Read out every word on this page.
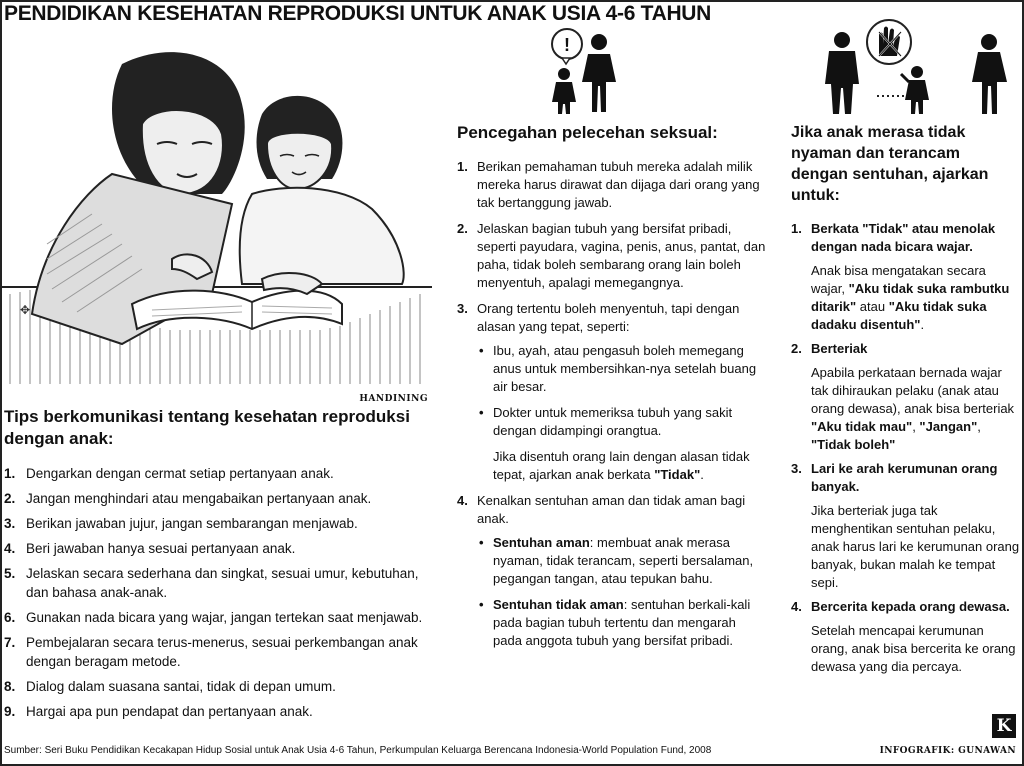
PENDIDIKAN KESEHATAN REPRODUKSI UNTUK ANAK USIA 4-6 TAHUN
✥
HANDINING
!
Tips berkomunikasi tentang kesehatan reproduksi dengan anak:
1. Dengarkan dengan cermat setiap pertanyaan anak.
2. Jangan menghindari atau mengabaikan pertanyaan anak.
3. Berikan jawaban jujur, jangan sembarangan menjawab.
4. Beri jawaban hanya sesuai pertanyaan anak.
5. Jelaskan secara sederhana dan singkat, sesuai umur, kebutuhan, dan bahasa anak-anak.
6. Gunakan nada bicara yang wajar, jangan tertekan saat menjawab.
7. Pembejalaran secara terus-menerus, sesuai perkembangan anak dengan beragam metode.
8. Dialog dalam suasana santai, tidak di depan umum.
9. Hargai apa pun pendapat dan pertanyaan anak.
Pencegahan pelecehan seksual:
1. Berikan pemahaman tubuh mereka adalah milik mereka harus dirawat dan dijaga dari orang yang tak bertanggung jawab.
2. Jelaskan bagian tubuh yang bersifat pribadi, seperti payudara, vagina, penis, anus, pantat, dan paha, tidak boleh sembarang orang lain boleh menyentuh, apalagi memegangnya.
3. Orang tertentu boleh menyentuh, tapi dengan alasan yang tepat, seperti:
• Ibu, ayah, atau pengasuh boleh memegang anus untuk membersihkan-nya setelah buang air besar.
• Dokter untuk memeriksa tubuh yang sakit dengan didampingi orangtua.
Jika disentuh orang lain dengan alasan tidak tepat, ajarkan anak berkata "Tidak".
4. Kenalkan sentuhan aman dan tidak aman bagi anak.
• Sentuhan aman: membuat anak merasa nyaman, tidak terancam, seperti bersalaman, pegangan tangan, atau tepukan bahu.
• Sentuhan tidak aman: sentuhan berkali-kali pada bagian tubuh tertentu dan mengarah pada anggota tubuh yang bersifat pribadi.
Jika anak merasa tidak nyaman dan terancam dengan sentuhan, ajarkan untuk:
1. Berkata "Tidak" atau menolak dengan nada bicara wajar.
Anak bisa mengatakan secara wajar, "Aku tidak suka rambutku ditarik" atau "Aku tidak suka dadaku disentuh".
2. Berteriak
Apabila perkataan bernada wajar tak dihiraukan pelaku (anak atau orang dewasa), anak bisa berteriak "Aku tidak mau", "Jangan", "Tidak boleh"
3. Lari ke arah kerumunan orang banyak.
Jika berteriak juga tak menghentikan sentuhan pelaku, anak harus lari ke kerumunan orang banyak, bukan malah ke tempat sepi.
4. Bercerita kepada orang dewasa.
Setelah mencapai kerumunan orang, anak bisa bercerita ke orang dewasa yang dia percaya.
K
Sumber: Seri Buku Pendidikan Kecakapan Hidup Sosial untuk Anak Usia 4-6 Tahun, Perkumpulan Keluarga Berencana Indonesia-World Population Fund, 2008	INFOGRAFIK: GUNAWAN
